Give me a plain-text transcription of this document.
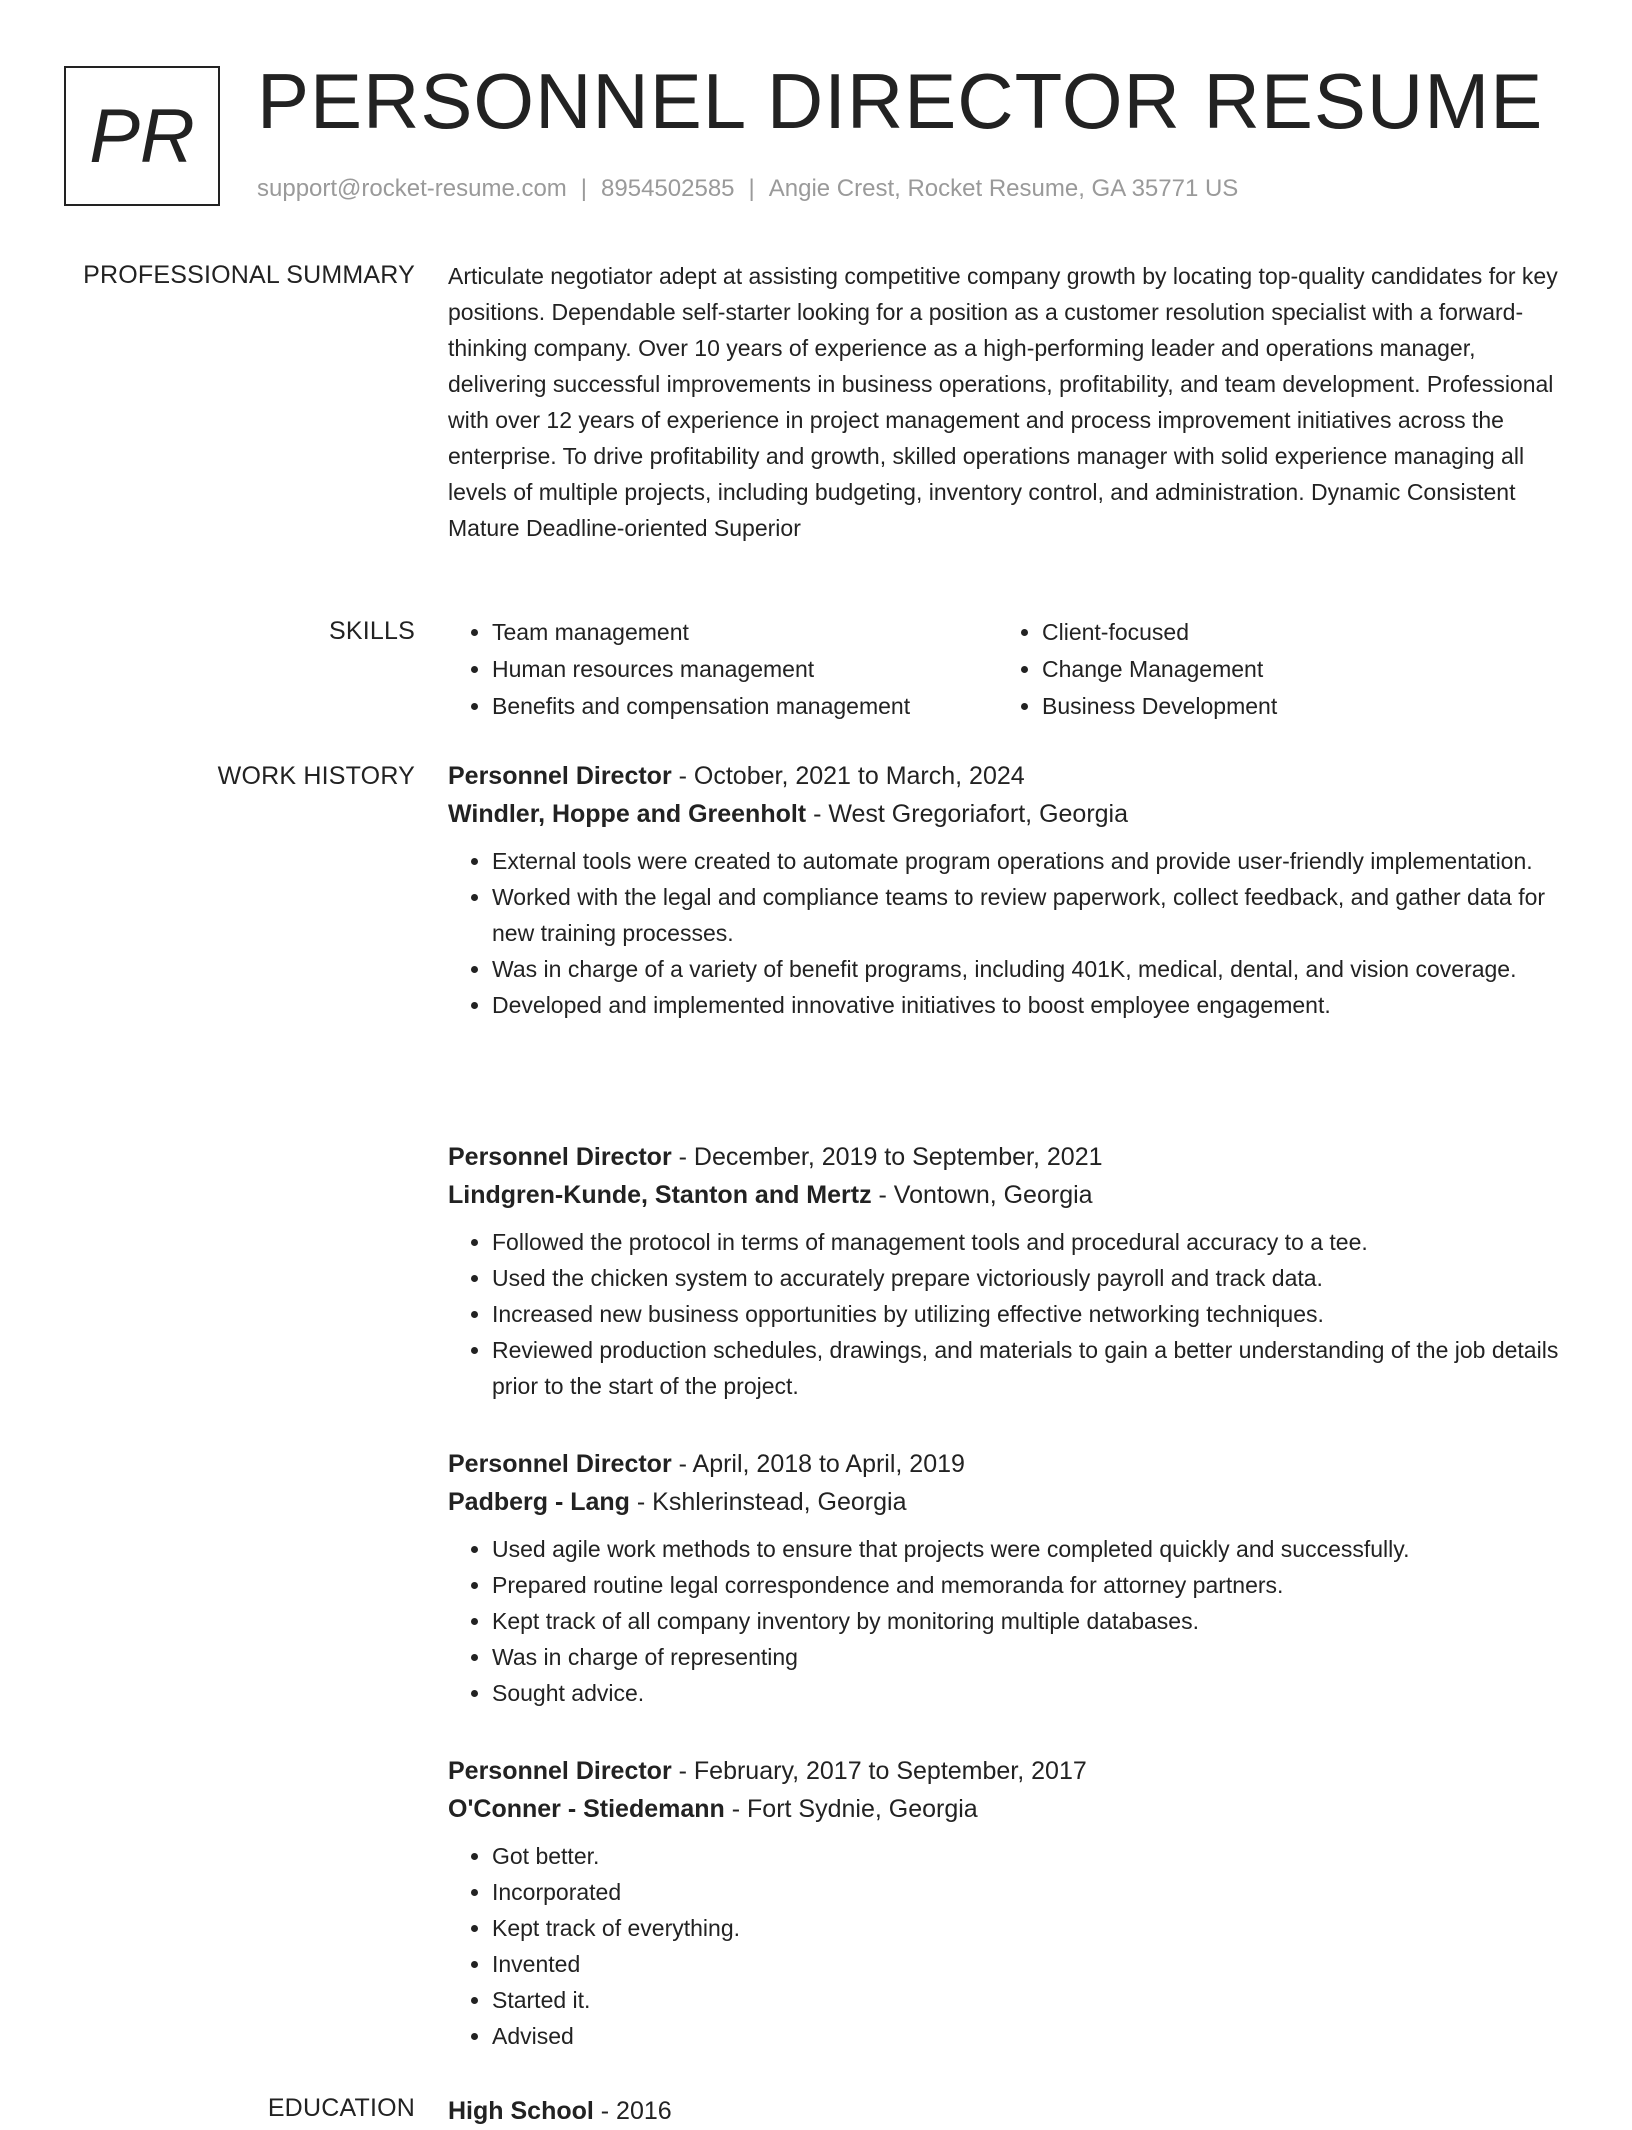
PR PERSONNEL DIRECTOR RESUME
support@rocket-resume.com | 8954502585 | Angie Crest, Rocket Resume, GA 35771 US
PROFESSIONAL SUMMARY Articulate negotiator adept at assisting competitive company growth by locating top-quality candidates for key positions. Dependable self-starter looking for a position as a customer resolution specialist with a forward-thinking company. Over 10 years of experience as a high-performing leader and operations manager, delivering successful improvements in business operations, profitability, and team development. Professional with over 12 years of experience in project management and process improvement initiatives across the enterprise. To drive profitability and growth, skilled operations manager with solid experience managing all levels of multiple projects, including budgeting, inventory control, and administration. Dynamic Consistent Mature Deadline-oriented Superior

SKILLS
•	Team management
• Human resources management
• Benefits and compensation management
• Client-focused
• Change Management
• Business Development
WORK HISTORY Personnel Director - October, 2021 to March, 2024
Windler, Hoppe and Greenholt - West Gregoriafort, Georgia
• External tools were created to automate program operations and provide user-friendly implementation.
• Worked with the legal and compliance teams to review paperwork, collect feedback, and gather data for new training processes.
• Was in charge of a variety of benefit programs, including 401K, medical, dental, and vision coverage.
• Developed and implemented innovative initiatives to boost employee engagement.
Personnel Director - December, 2019 to September, 2021
Lindgren-Kunde, Stanton and Mertz - Vontown, Georgia
• Followed the protocol in terms of management tools and procedural accuracy to a tee.
• Used the chicken system to accurately prepare victoriously payroll and track data.
• Increased new business opportunities by utilizing effective networking techniques.
• Reviewed production schedules, drawings, and materials to gain a better understanding of the job details prior to the start of the project.
Personnel Director - April, 2018 to April, 2019
Padberg - Lang - Kshlerinstead, Georgia
• Used agile work methods to ensure that projects were completed quickly and successfully.
• Prepared routine legal correspondence and memoranda for attorney partners.
• Kept track of all company inventory by monitoring multiple databases.
• Was in charge of representing
• Sought advice.
Personnel Director - February, 2017 to September, 2017
O'Conner - Stiedemann - Fort Sydnie, Georgia
• Got better.
• Incorporated
• Kept track of everything.
• Invented
• Started it.
• Advised
EDUCATION High School - 2016
